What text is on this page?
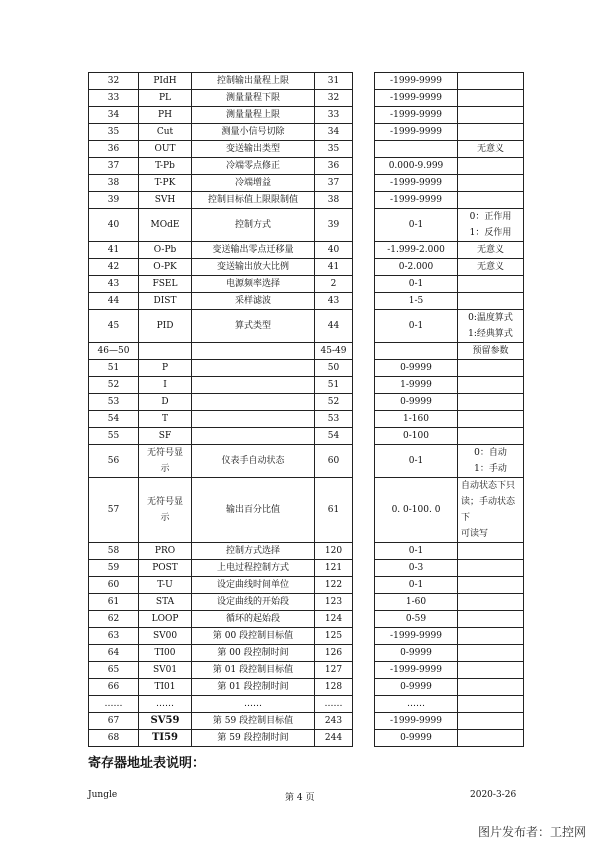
32	PIdH	控制输出量程上限	31		-1999-9999	
33	PL	测量量程下限	32		-1999-9999	
34	PH	测量量程上限	33		-1999-9999	
35	Cut	测量小信号切除	34		-1999-9999	
36	OUT	变送输出类型	35			无意义
37	T-Pb	冷端零点修正	36		0.000-9.999	
38	T-PK	冷端增益	37		-1999-9999	
39	SVH	控制目标值上限限制值	38		-1999-9999	
40	MOdE	控制方式	39		0-1	0：正作用
1：反作用
41	O-Pb	变送输出零点迁移量	40		-1.999-2.000	无意义
42	O-PK	变送输出放大比例	41		0-2.000	无意义
43	FSEL	电源频率选择	2		0-1	
44	DIST	采样滤波	43		1-5	
45	PID	算式类型	44		0-1	0:温度算式
1:经典算式
46—50			45-49			预留参数
51	P		50		0-9999	
52	I		51		1-9999	
53	D		52		0-9999	
54	T		53		1-160	
55	SF		54		0-100	
56	无符号显
示	仪表手自动状态	60		0-1	0：自动
1：手动
57	无符号显
示	输出百分比值	61		0. 0-100. 0	自动状态下只
读；手动状态下
可读写
58	PRO	控制方式选择	120		0-1	
59	POST	上电过程控制方式	121		0-3	
60	T-U	设定曲线时间单位	122		0-1	
61	STA	设定曲线的开始段	123		1-60	
62	LOOP	循环的起始段	124		0-59	
63	SV00	第 00 段控制目标值	125		-1999-9999	
64	TI00	第 00 段控制时间	126		0-9999	
65	SV01	第 01 段控制目标值	127		-1999-9999	
66	TI01	第 01 段控制时间	128		0-9999	
……	……	……	……		……	
67	SV59	第 59 段控制目标值	243		-1999-9999	
68	TI59	第 59 段控制时间	244		0-9999	
寄存器地址表说明：
Jungle	第 4 页	2020-3-26
图片发布者：工控网
